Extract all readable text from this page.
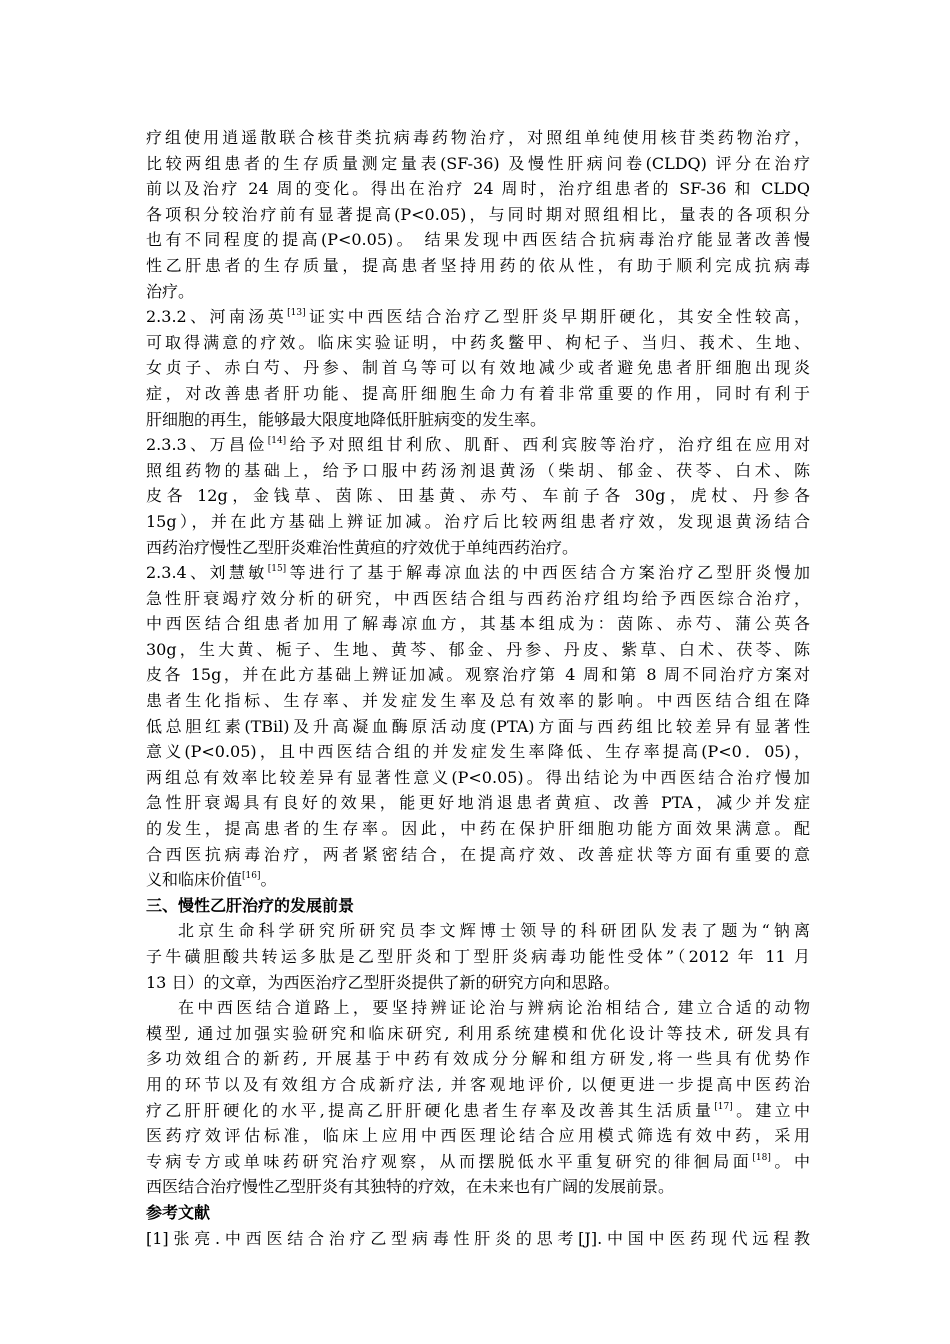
疗组使用逍遥散联合核苷类抗病毒药物治疗，对照组单纯使用核苷类药物治疗，
比较两组患者的生存质量测定量表(SF-36) 及慢性肝病问卷(CLDQ) 评分在治疗
前以及治疗 24 周的变化。得出在治疗 24 周时，治疗组患者的 SF-36 和 CLDQ
各项积分较治疗前有显著提高(P<0.05)，与同时期对照组相比，量表的各项积分
也有不同程度的提高(P<0.05)。 结果发现中西医结合抗病毒治疗能显著改善慢
性乙肝患者的生存质量，提高患者坚持用药的依从性，有助于顺利完成抗病毒
治疗。
2.3.2、河南汤英[13]证实中西医结合治疗乙型肝炎早期肝硬化，其安全性较高，
可取得满意的疗效。临床实验证明，中药炙鳖甲、枸杞子、当归、莪术、生地、
女贞子、赤白芍、丹参、制首乌等可以有效地减少或者避免患者肝细胞出现炎
症，对改善患者肝功能、提高肝细胞生命力有着非常重要的作用，同时有利于
肝细胞的再生，能够最大限度地降低肝脏病变的发生率。
2.3.3、万昌俭[14]给予对照组甘利欣、肌酐、西利宾胺等治疗，治疗组在应用对
照组药物的基础上，给予口服中药汤剂退黄汤（柴胡、郁金、茯苓、白术、陈
皮各 12g，金钱草、茵陈、田基黄、赤芍、车前子各 30g，虎杖、丹参各
15g），并在此方基础上辨证加减。治疗后比较两组患者疗效，发现退黄汤结合
西药治疗慢性乙型肝炎难治性黄疸的疗效优于单纯西药治疗。
2.3.4、刘慧敏[15]等进行了基于解毒凉血法的中西医结合方案治疗乙型肝炎慢加
急性肝衰竭疗效分析的研究，中西医结合组与西药治疗组均给予西医综合治疗，
中西医结合组患者加用了解毒凉血方，其基本组成为：茵陈、赤芍、蒲公英各
30g，生大黄、栀子、生地、黄芩、郁金、丹参、丹皮、紫草、白术、茯苓、陈
皮各 15g，并在此方基础上辨证加减。观察治疗第 4 周和第 8 周不同治疗方案对
患者生化指标、生存率、并发症发生率及总有效率的影响。中西医结合组在降
低总胆红素(TBil)及升高凝血酶原活动度(PTA)方面与西药组比较差异有显著性
意义(P<0.05)，且中西医结合组的并发症发生率降低、生存率提高(P<0．05)，
两组总有效率比较差异有显著性意义(P<0.05)。得出结论为中西医结合治疗慢加
急性肝衰竭具有良好的效果，能更好地消退患者黄疸、改善 PTA，减少并发症
的发生，提高患者的生存率。因此，中药在保护肝细胞功能方面效果满意。配
合西医抗病毒治疗，两者紧密结合，在提高疗效、改善症状等方面有重要的意
义和临床价值[16]。
三、慢性乙肝治疗的发展前景
北京生命科学研究所研究员李文辉博士领导的科研团队发表了题为“钠离
子牛磺胆酸共转运多肽是乙型肝炎和丁型肝炎病毒功能性受体”（2012 年 11 月
13 日）的文章，为西医治疗乙型肝炎提供了新的研究方向和思路。
在中西医结合道路上，要坚持辨证论治与辨病论治相结合, 建立合适的动物
模型, 通过加强实验研究和临床研究, 利用系统建模和优化设计等技术, 研发具有
多功效组合的新药, 开展基于中药有效成分分解和组方研发,将一些具有优势作
用的环节以及有效组方合成新疗法, 并客观地评价, 以便更进一步提高中医药治
疗乙肝肝硬化的水平,提高乙肝肝硬化患者生存率及改善其生活质量[17]。建立中
医药疗效评估标准，临床上应用中西医理论结合应用模式筛选有效中药，采用
专病专方或单味药研究治疗观察，从而摆脱低水平重复研究的徘徊局面[18]。中
西医结合治疗慢性乙型肝炎有其独特的疗效，在未来也有广阔的发展前景。
参考文献
[1]张亮.中西医结合治疗乙型病毒性肝炎的思考[J].中国中医药现代远程教
